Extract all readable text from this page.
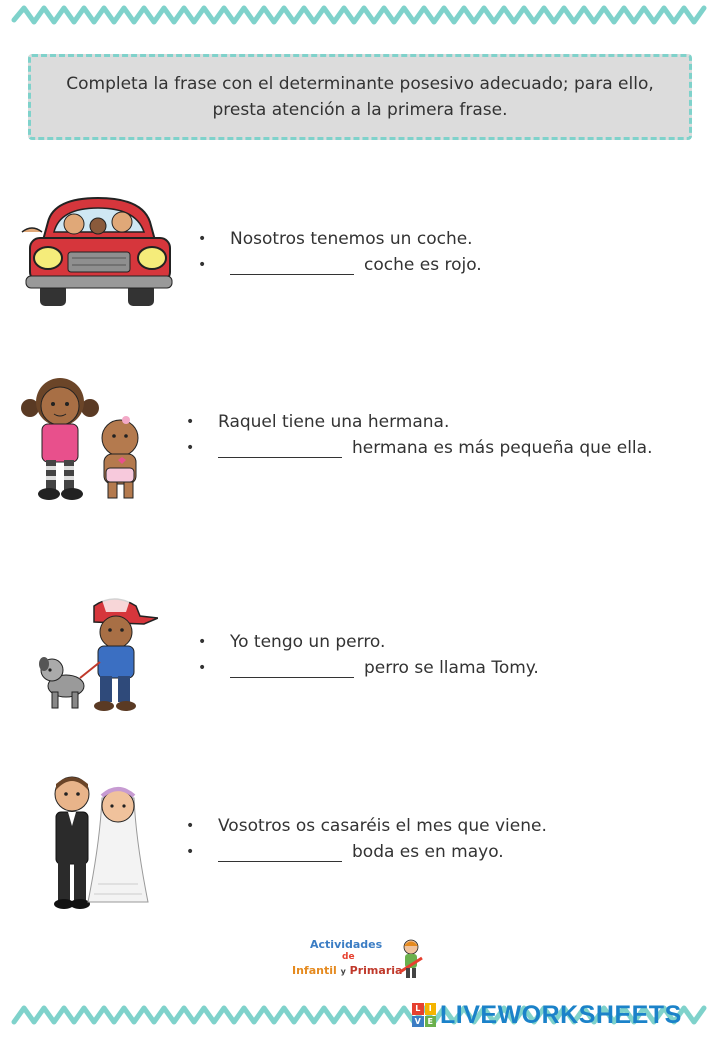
Completa la frase con el determinante posesivo adecuado; para ello,
presta atención a la primera frase.
•	Nosotros tenemos un coche.
•	coche es rojo.
•	Raquel tiene una hermana.
•	hermana es más pequeña que ella.
•	Yo tengo un perro.
•	perro se llama Tomy.
•	Vosotros os casaréis el mes que viene.
•	boda es en mayo.
Actividades
de
Infantil y Primaria
L	I
V E LIVEWORKSHEETS
